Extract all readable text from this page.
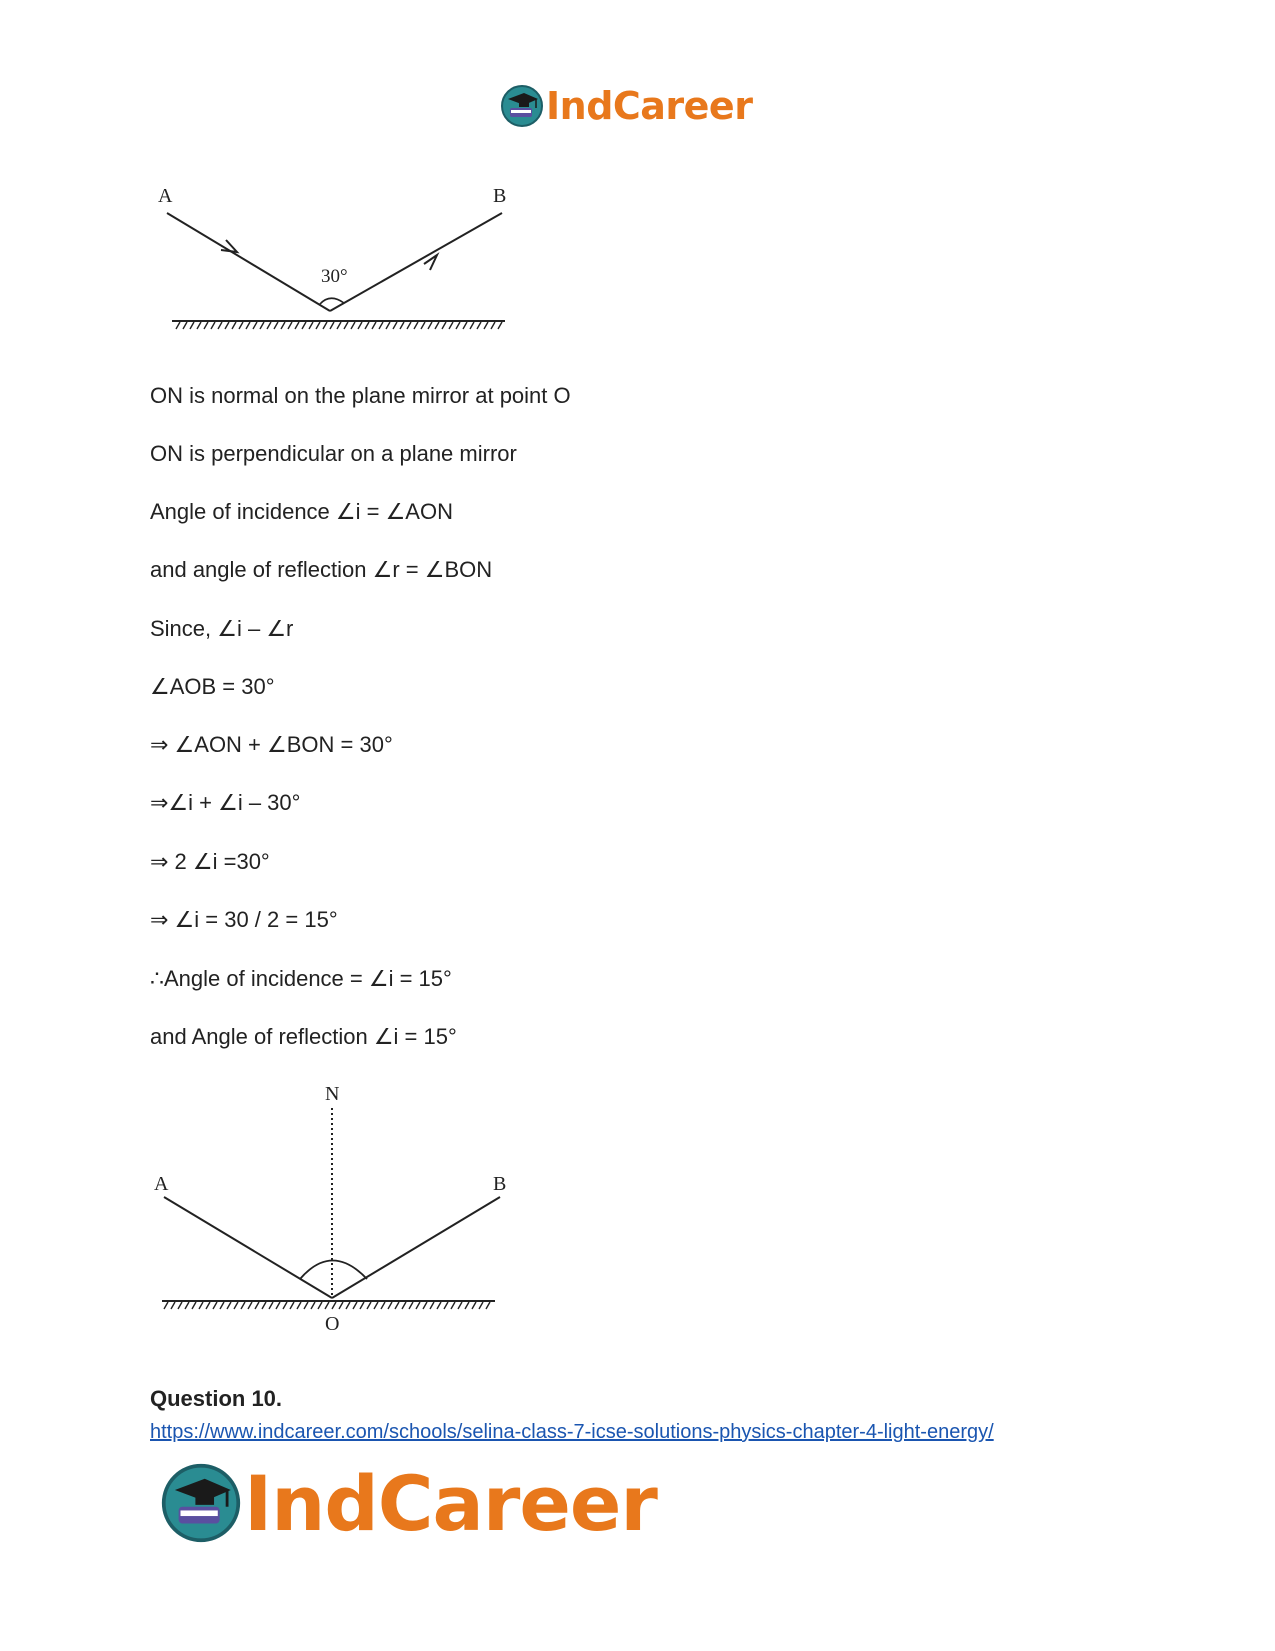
IndCareer
A	B
30°
ON is normal on the plane mirror at point O
ON is perpendicular on a plane mirror
Angle of incidence ∠i = ∠AON
and angle of reflection ∠r = ∠BON
Since, ∠i – ∠r
∠AOB = 30°
⇒ ∠AON + ∠BON = 30°
⇒∠i + ∠i – 30°
⇒ 2 ∠i =30°
⇒ ∠i = 30 / 2 = 15°
∴Angle of incidence = ∠i = 15°
and Angle of reflection ∠i = 15°
N
A	B
O
Question 10.
https://www.indcareer.com/schools/selina-class-7-icse-solutions-physics-chapter-4-light-energy/
IndCareer
